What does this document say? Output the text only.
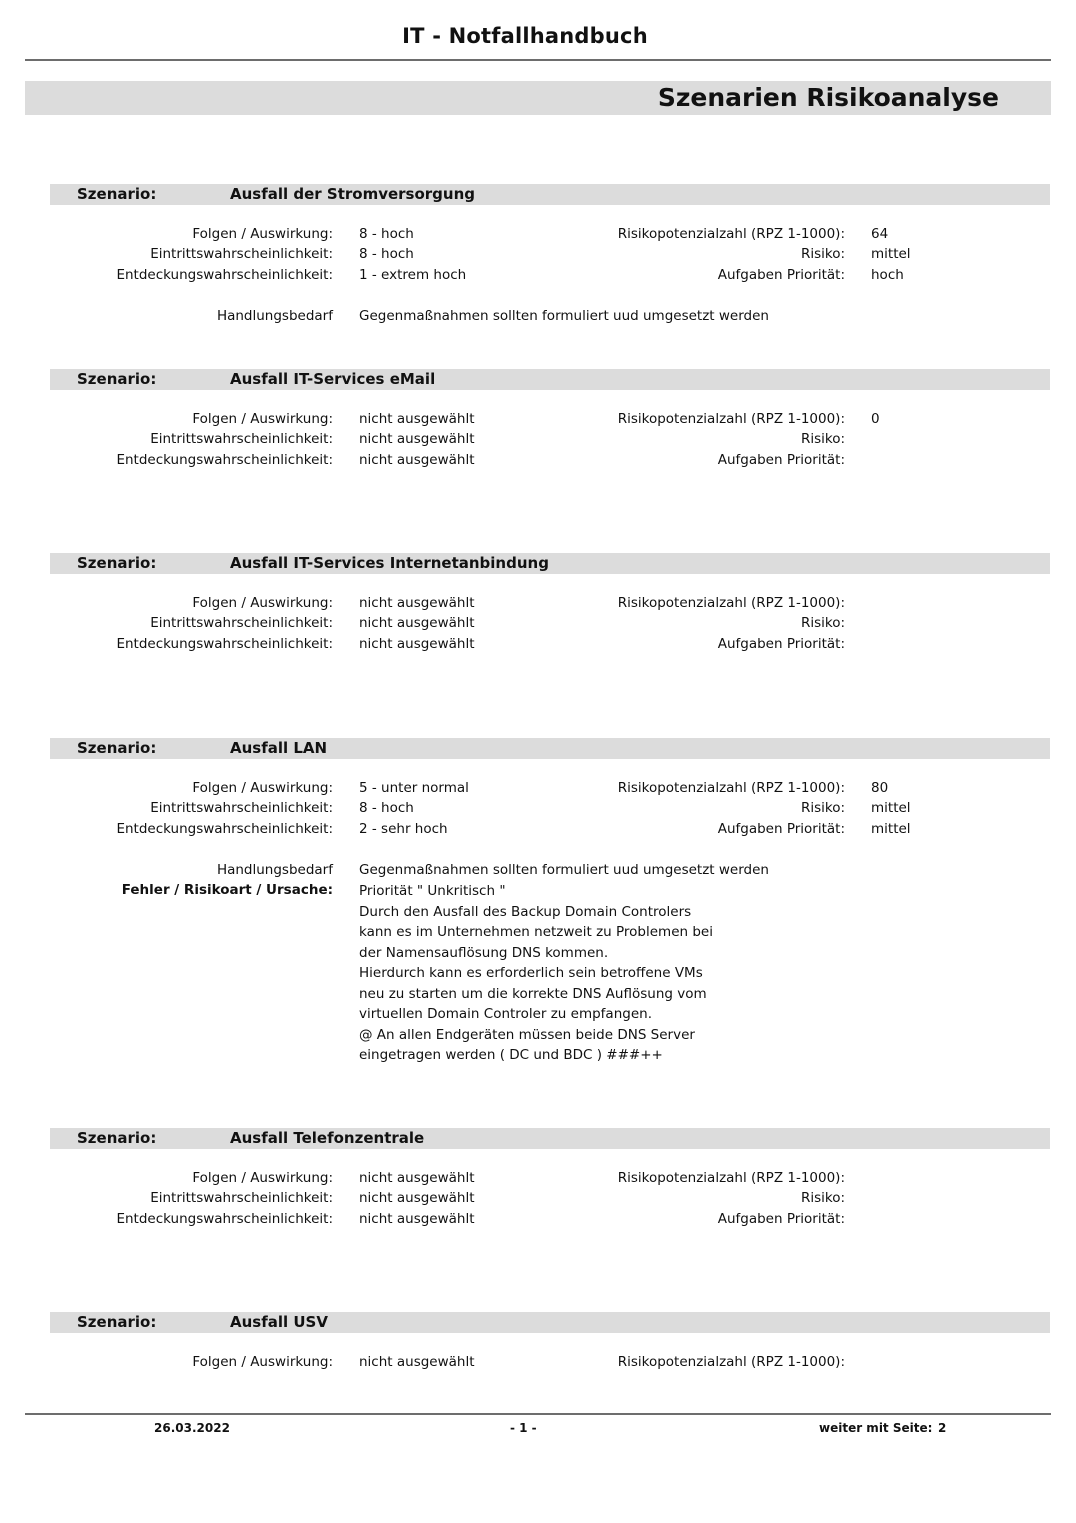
IT - Notfallhandbuch
Szenarien Risikoanalyse
Szenario:	Ausfall der Stromversorgung
Folgen / Auswirkung: 8 - hoch	Risikopotenzialzahl (RPZ 1-1000): 64
Eintrittswahrscheinlichkeit: 8 - hoch	Risiko: mittel
Entdeckungswahrscheinlichkeit: 1 - extrem hoch	Aufgaben Priorität: hoch
Handlungsbedarf Gegenmaßnahmen sollten formuliert uud umgesetzt werden
Szenario:	Ausfall IT-Services eMail
Folgen / Auswirkung: nicht ausgewählt	Risikopotenzialzahl (RPZ 1-1000): 0
Eintrittswahrscheinlichkeit: nicht ausgewählt	Risiko:
Entdeckungswahrscheinlichkeit: nicht ausgewählt	Aufgaben Priorität:
Szenario:	Ausfall IT-Services Internetanbindung
Folgen / Auswirkung: nicht ausgewählt	Risikopotenzialzahl (RPZ 1-1000):
Eintrittswahrscheinlichkeit: nicht ausgewählt	Risiko:
Entdeckungswahrscheinlichkeit: nicht ausgewählt	Aufgaben Priorität:
Szenario:	Ausfall LAN
Folgen / Auswirkung: 5 - unter normal	Risikopotenzialzahl (RPZ 1-1000): 80
Eintrittswahrscheinlichkeit: 8 - hoch	Risiko: mittel
Entdeckungswahrscheinlichkeit: 2 - sehr hoch	Aufgaben Priorität: mittel
Handlungsbedarf Gegenmaßnahmen sollten formuliert uud umgesetzt werden
Fehler / Risikoart / Ursache: Priorität " Unkritisch "
Durch den Ausfall des Backup Domain Controlers
kann es im Unternehmen netzweit zu Problemen bei
der Namensauflösung DNS kommen.
Hierdurch kann es erforderlich sein betroffene VMs
neu zu starten um die korrekte DNS Auflösung vom
virtuellen Domain Controler zu empfangen.
@ An allen Endgeräten müssen beide DNS Server
eingetragen werden ( DC und BDC ) ###++
Szenario:	Ausfall Telefonzentrale
Folgen / Auswirkung: nicht ausgewählt	Risikopotenzialzahl (RPZ 1-1000):
Eintrittswahrscheinlichkeit: nicht ausgewählt	Risiko:
Entdeckungswahrscheinlichkeit: nicht ausgewählt	Aufgaben Priorität:
Szenario:	Ausfall USV
Folgen / Auswirkung: nicht ausgewählt	Risikopotenzialzahl (RPZ 1-1000):
26.03.2022	- 1 -	weiter mit Seite: 2
